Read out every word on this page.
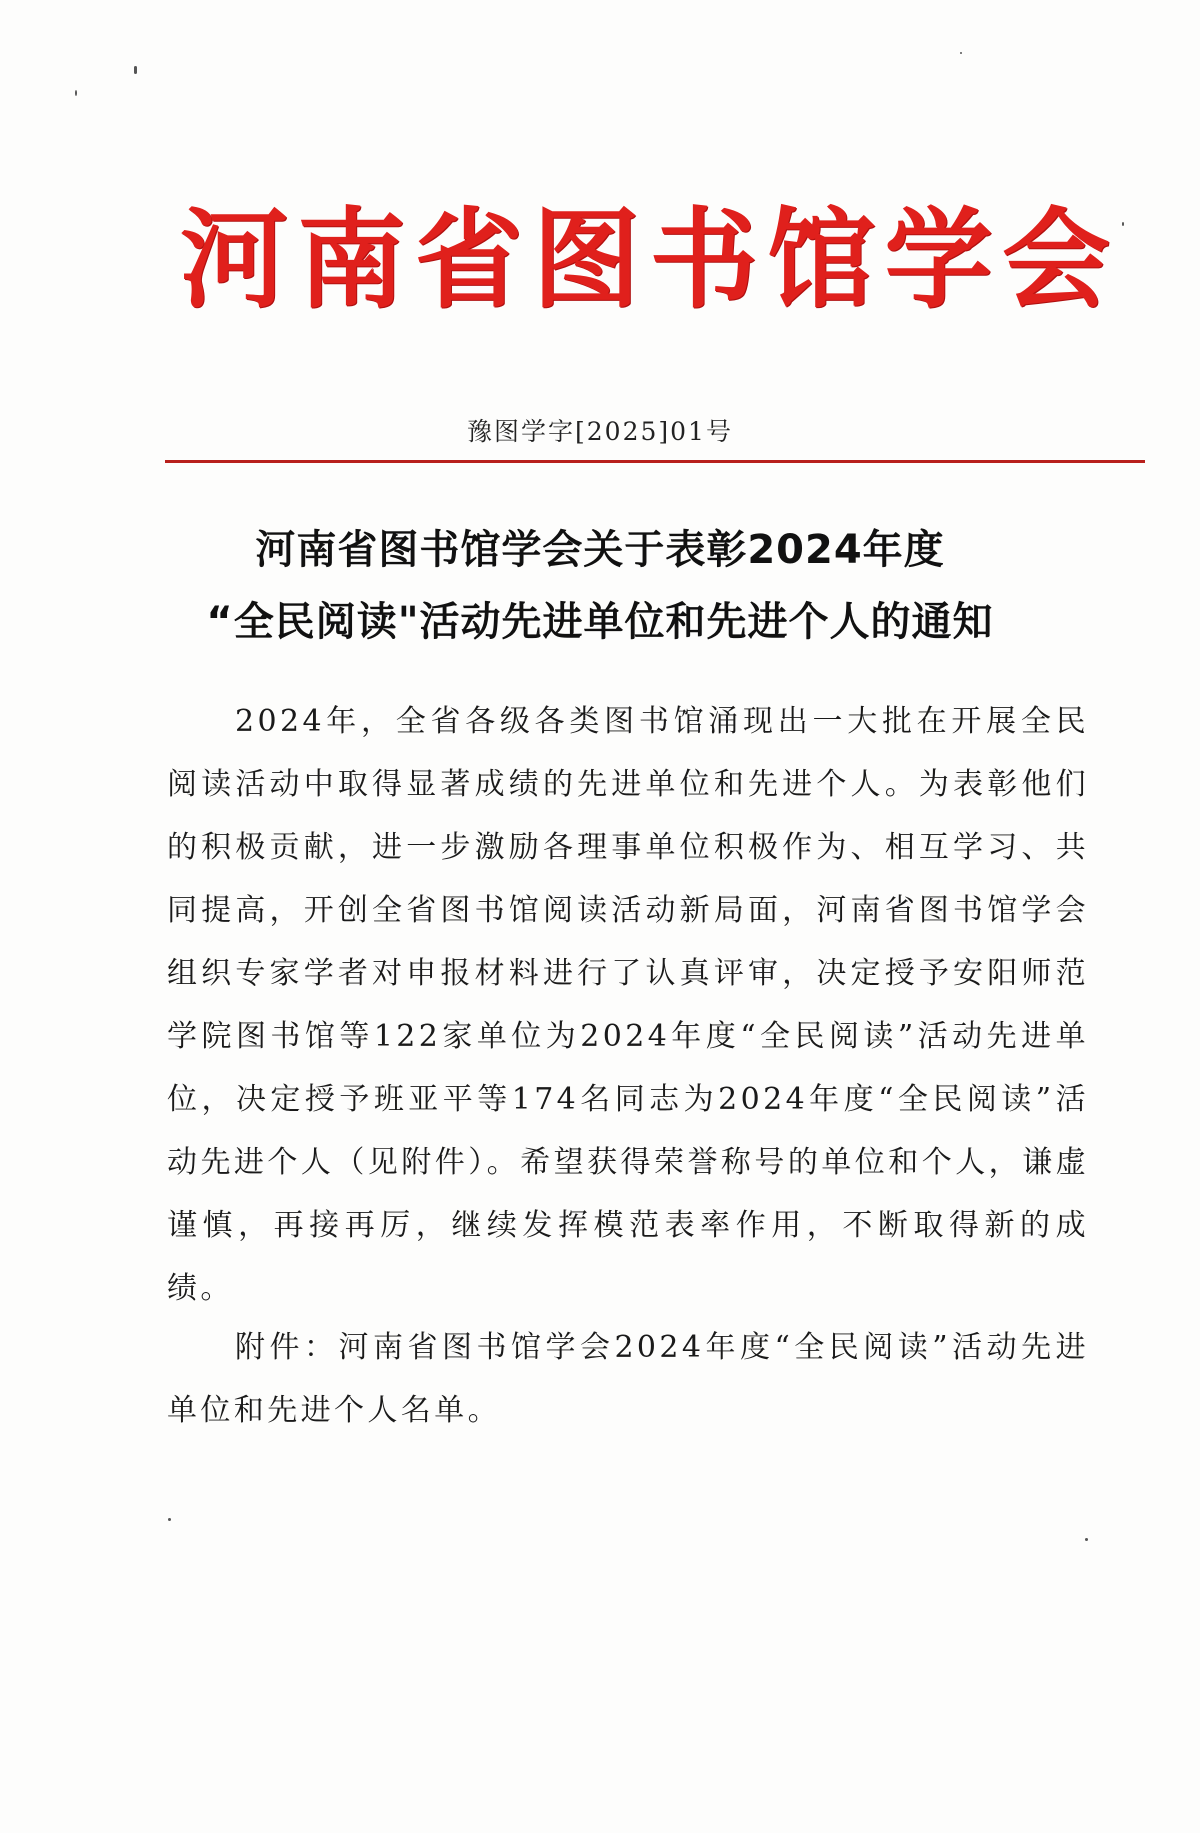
河 南 省 图 书 馆 学 会
豫图学字[2025]01号
河南省图书馆学会关于表彰2024年度
“全民阅读"活动先进单位和先进个人的通知

2024年，全省各级各类图书馆涌现出一大批在开展全民阅读活动中取得显著成绩的先进单位和先进个人。为表彰他们的积极贡献，进一步激励各理事单位积极作为、相互学习、共同提高，开创全省图书馆阅读活动新局面，河南省图书馆学会组织专家学者对申报材料进行了认真评审，决定授予安阳师范学院图书馆等122家单位为2024年度“全民阅读”活动先进单位，决定授予班亚平等174名同志为2024年度“全民阅读”活动先进个人（见附件）。希望获得荣誉称号的单位和个人，谦虚谨慎，再接再厉，继续发挥模范表率作用，不断取得新的成绩。

附件：河南省图书馆学会2024年度“全民阅读”活动先进单位和先进个人名单。
